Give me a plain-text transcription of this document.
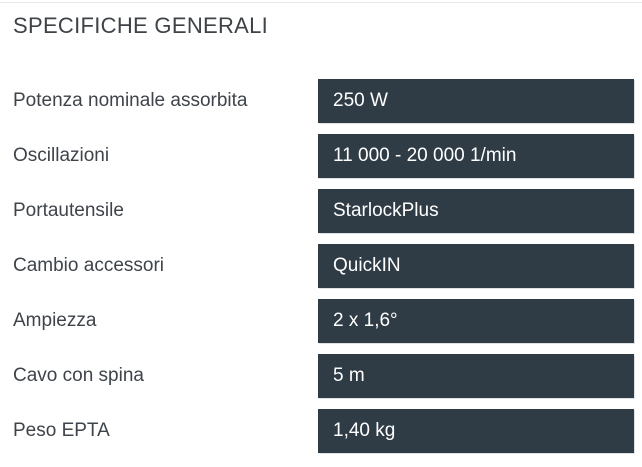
SPECIFICHE GENERALI
Potenza nominale assorbita	250 W
Oscillazioni	11 000 - 20 000 1/min
Portautensile	StarlockPlus
Cambio accessori	QuickIN
Ampiezza	2 x 1,6°
Cavo con spina	5 m
Peso EPTA	1,40 kg
